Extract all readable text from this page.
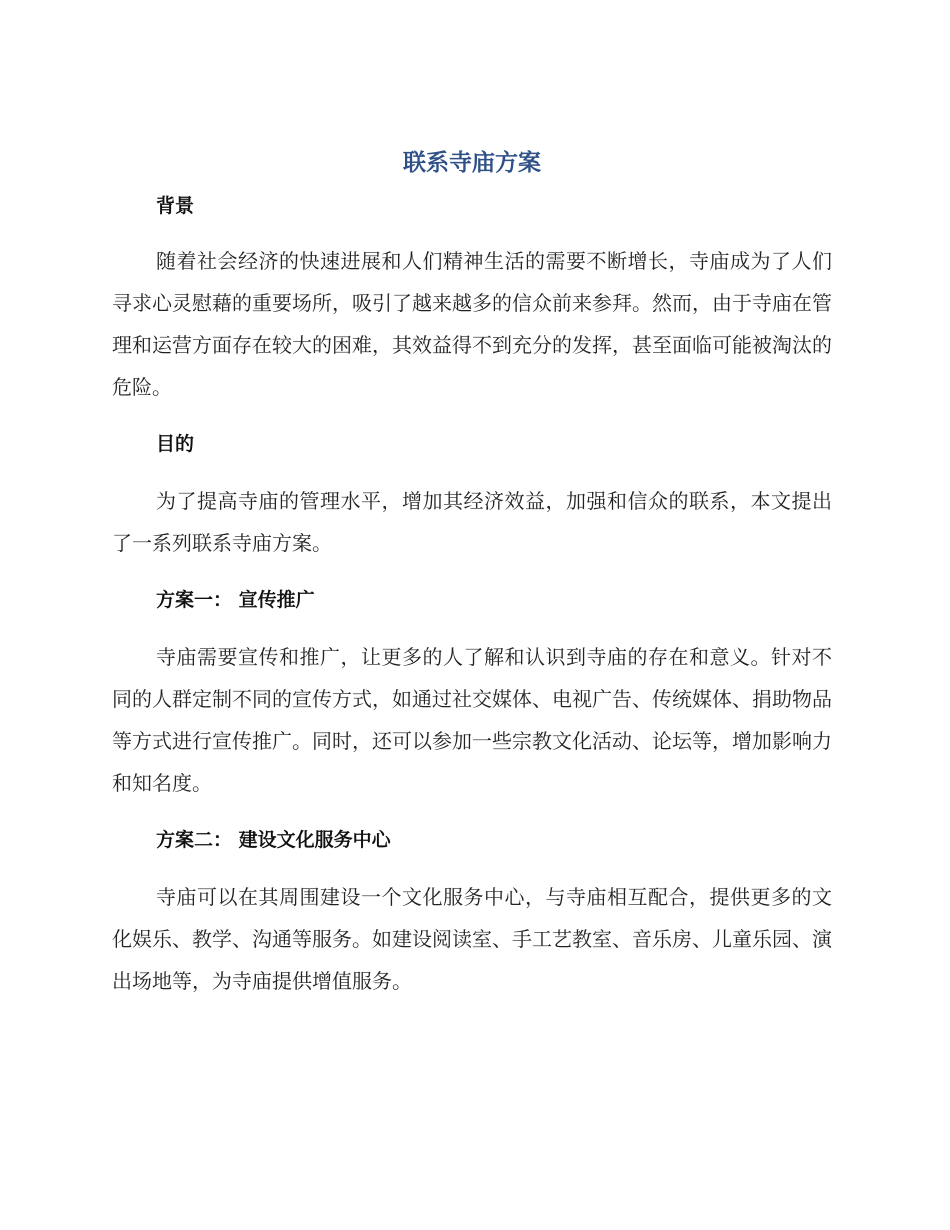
联系寺庙方案
背景

随着社会经济的快速进展和人们精神生活的需要不断增长，寺庙成为了人们寻求心灵慰藉的重要场所，吸引了越来越多的信众前来参拜。然而，由于寺庙在管理和运营方面存在较大的困难，其效益得不到充分的发挥，甚至面临可能被淘汰的危险。

目的

为了提高寺庙的管理水平，增加其经济效益，加强和信众的联系，本文提出了一系列联系寺庙方案。

方案一： 宣传推广

寺庙需要宣传和推广，让更多的人了解和认识到寺庙的存在和意义。针对不同的人群定制不同的宣传方式，如通过社交媒体、电视广告、传统媒体、捐助物品等方式进行宣传推广。同时，还可以参加一些宗教文化活动、论坛等，增加影响力和知名度。

方案二： 建设文化服务中心

寺庙可以在其周围建设一个文化服务中心，与寺庙相互配合，提供更多的文化娱乐、教学、沟通等服务。如建设阅读室、手工艺教室、音乐房、儿童乐园、演出场地等，为寺庙提供增值服务。
